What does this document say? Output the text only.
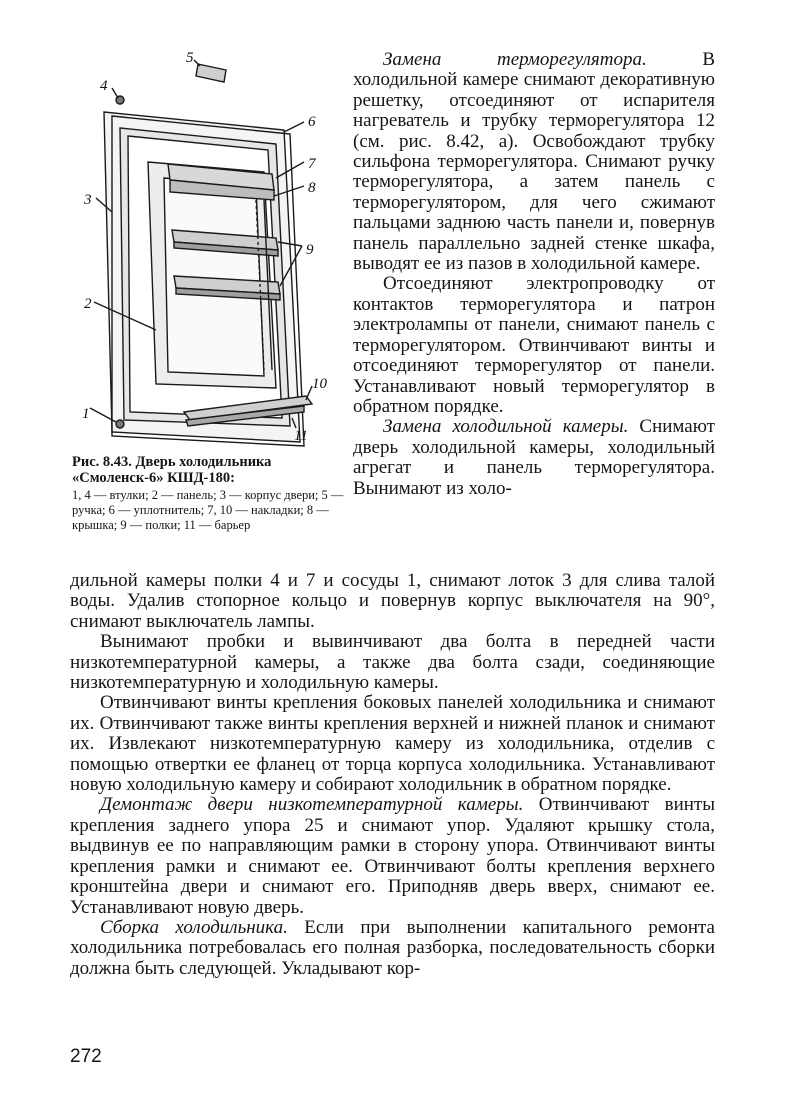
1
2
3
4
5
6
7
8
9
10
11
Рис. 8.43. Дверь холодильника «Смоленск-6» КШД-180:
1, 4 — втулки; 2 — панель; 3 — корпус двери; 5 — ручка; 6 — уплотнитель; 7, 10 — накладки; 8 — крышка; 9 — полки; 11 — барьер

Замена терморегулятора. В холодильной камере снимают декоративную решетку, отсоединяют от испарителя нагреватель и трубку терморегулятора 12 (см. рис. 8.42, а). Освобождают трубку сильфона терморегулятора. Снимают ручку терморегулятора, а затем панель с терморегулятором, для чего сжимают пальцами заднюю часть панели и, повернув панель параллельно задней стенке шкафа, выводят ее из пазов в холодильной камере.

Отсоединяют электропроводку от контактов терморегулятора и патрон электролампы от панели, снимают панель с терморегулятором. Отвинчивают винты и отсоединяют терморегулятор от панели. Устанавливают новый терморегулятор в обратном порядке.

Замена холодильной камеры. Снимают дверь холодильной камеры, холодильный агрегат и панель терморегулятора. Вынимают из холо-

дильной камеры полки 4 и 7 и сосуды 1, снимают лоток 3 для слива талой воды. Удалив стопорное кольцо и повернув корпус выключателя на 90°, снимают выключатель лампы.

Вынимают пробки и вывинчивают два болта в передней части низкотемпературной камеры, а также два болта сзади, соединяющие низкотемпературную и холодильную камеры.

Отвинчивают винты крепления боковых панелей холодильника и снимают их. Отвинчивают также винты крепления верхней и нижней планок и снимают их. Извлекают низкотемпературную камеру из холодильника, отделив с помощью отвертки ее фланец от торца корпуса холодильника. Устанавливают новую холодильную камеру и собирают холодильник в обратном порядке.

Демонтаж двери низкотемпературной камеры. Отвинчивают винты крепления заднего упора 25 и снимают упор. Удаляют крышку стола, выдвинув ее по направляющим рамки в сторону упора. Отвинчивают винты крепления рамки и снимают ее. Отвинчивают болты крепления верхнего кронштейна двери и снимают его. Приподняв дверь вверх, снимают ее. Устанавливают новую дверь.

Сборка холодильника. Если при выполнении капитального ремонта холодильника потребовалась его полная разборка, последовательность сборки должна быть следующей. Укладывают кор-

272
